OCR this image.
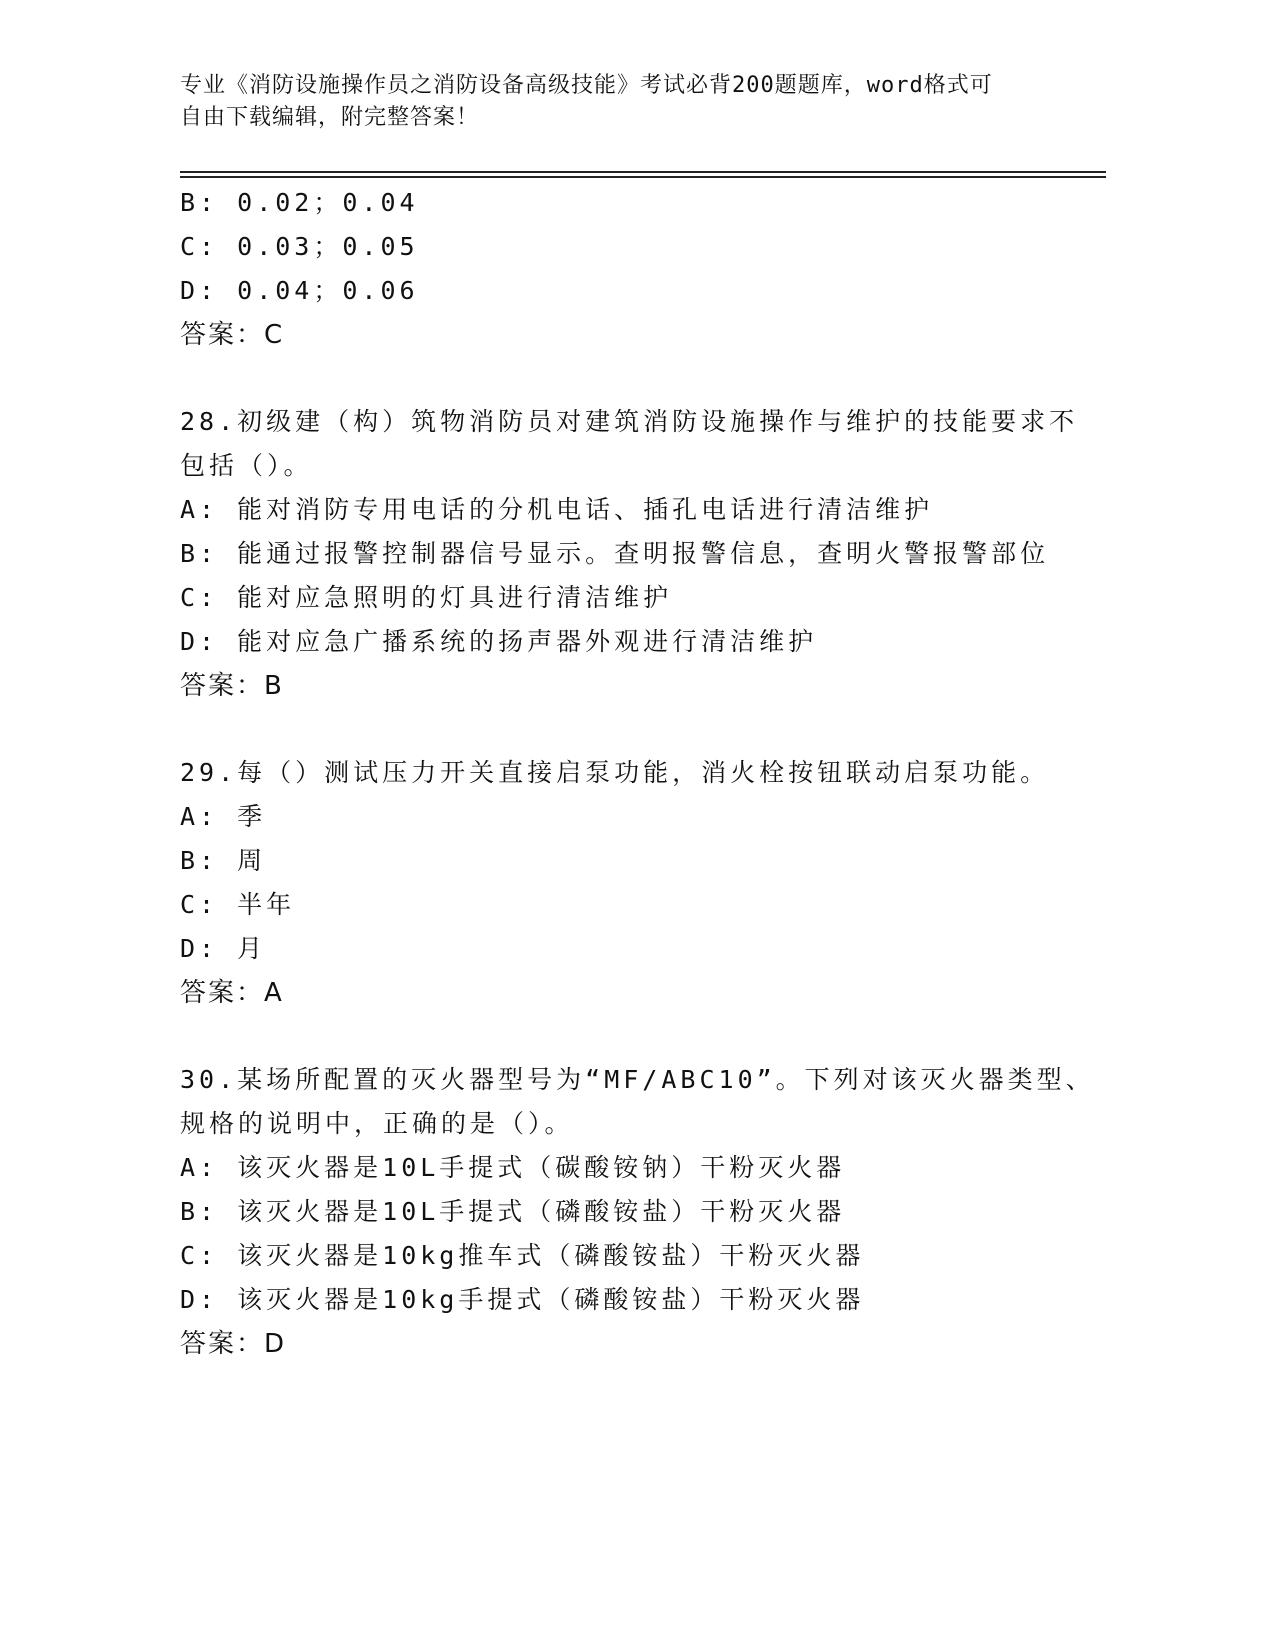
专业《消防设施操作员之消防设备高级技能》考试必背200题题库，word格式可
自由下载编辑，附完整答案！
B: 0.02；0.04
C: 0.03；0.05
D: 0.04；0.06
答案：C
28.初级建（构）筑物消防员对建筑消防设施操作与维护的技能要求不
包括（）。
A: 能对消防专用电话的分机电话、插孔电话进行清洁维护
B: 能通过报警控制器信号显示。查明报警信息，查明火警报警部位
C: 能对应急照明的灯具进行清洁维护
D: 能对应急广播系统的扬声器外观进行清洁维护
答案：B
29.每（）测试压力开关直接启泵功能，消火栓按钮联动启泵功能。
A: 季
B: 周
C: 半年
D: 月
答案：A
30.某场所配置的灭火器型号为“MF/ABC10”。下列对该灭火器类型、
规格的说明中，正确的是（）。
A: 该灭火器是10L手提式（碳酸铵钠）干粉灭火器
B: 该灭火器是10L手提式（磷酸铵盐）干粉灭火器
C: 该灭火器是10kg推车式（磷酸铵盐）干粉灭火器
D: 该灭火器是10kg手提式（磷酸铵盐）干粉灭火器
答案：D
